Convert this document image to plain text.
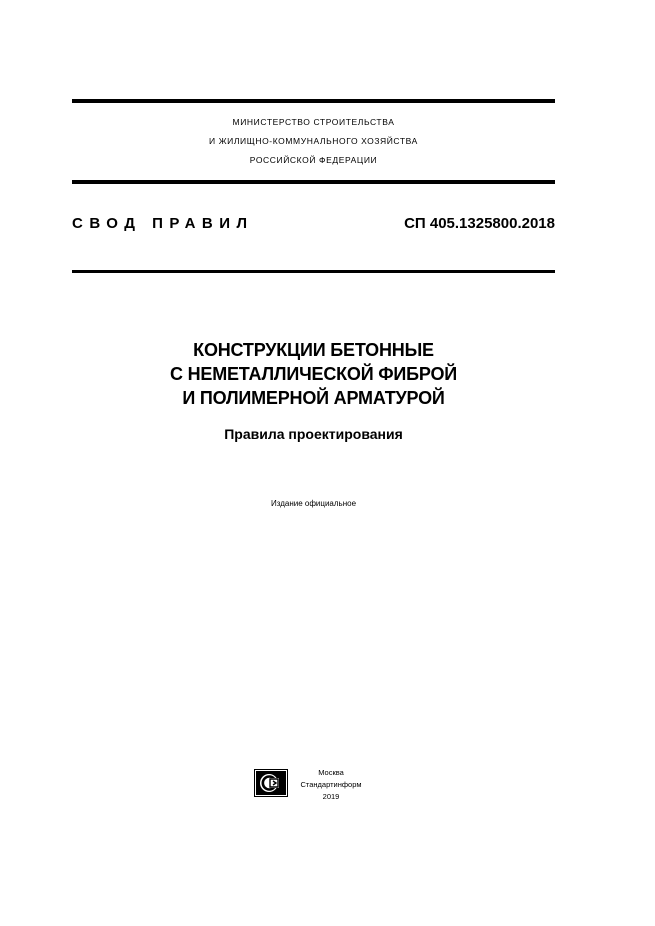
МИНИСТЕРСТВО СТРОИТЕЛЬСТВА
И ЖИЛИЩНО-КОММУНАЛЬНОГО ХОЗЯЙСТВА
РОССИЙСКОЙ ФЕДЕРАЦИИ
СВОД ПРАВИЛ	СП 405.1325800.2018
КОНСТРУКЦИИ БЕТОННЫЕ
С НЕМЕТАЛЛИЧЕСКОЙ ФИБРОЙ
И ПОЛИМЕРНОЙ АРМАТУРОЙ
Правила проектирования
Издание официальное
Москва
Стандартинформ
2019
